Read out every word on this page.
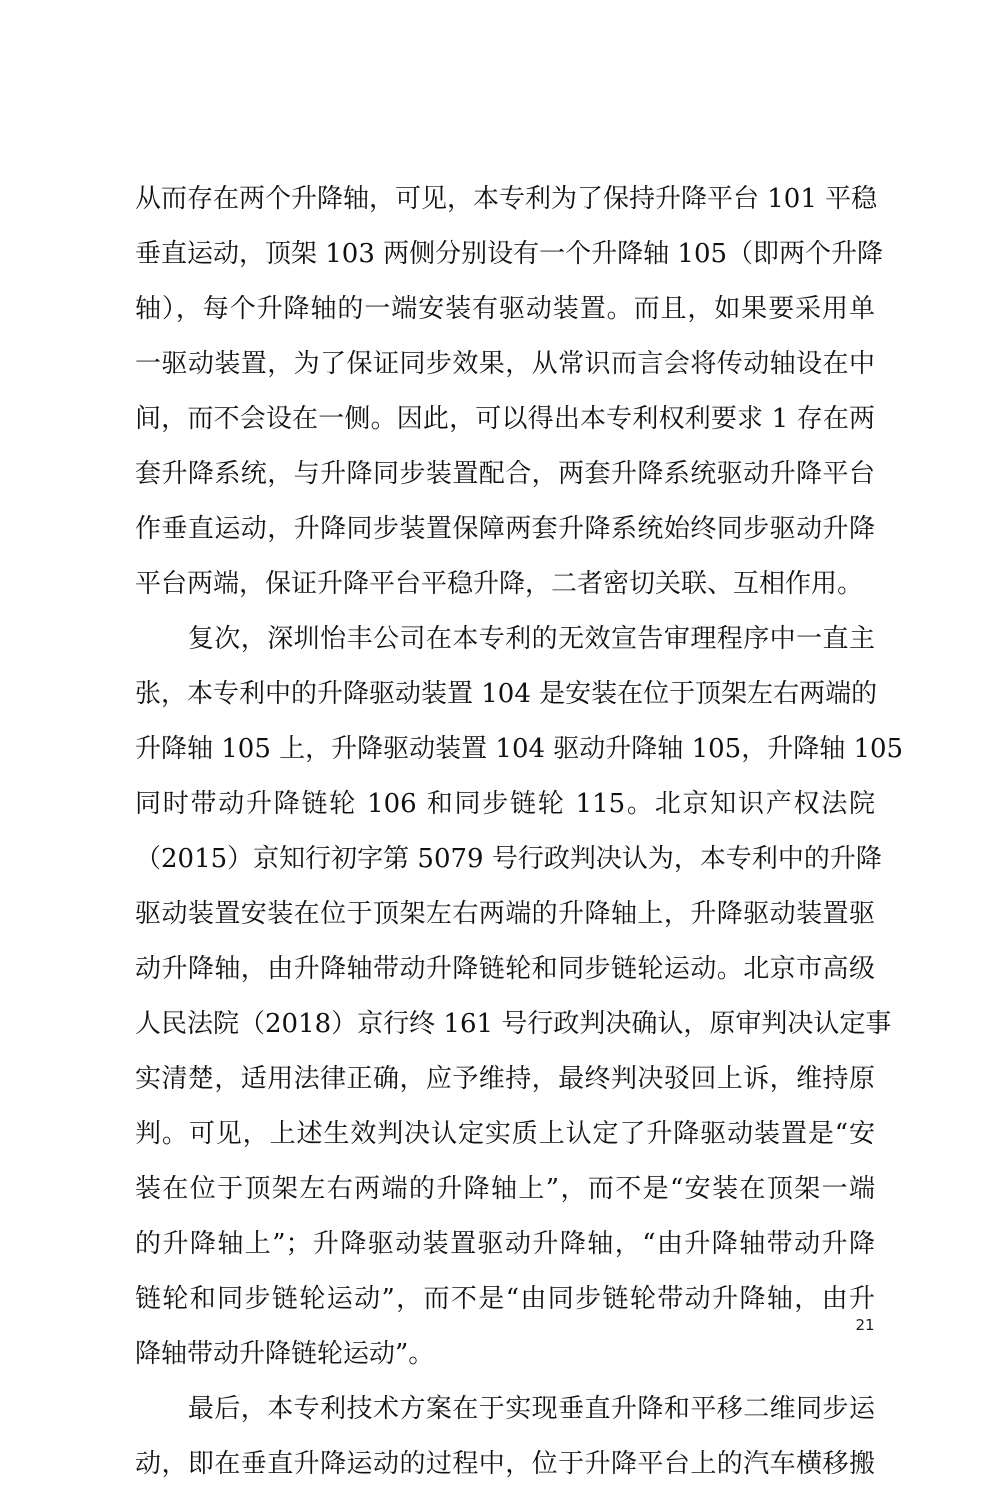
从而存在两个升降轴，可见，本专利为了保持升降平台 101 平稳
垂直运动，顶架 103 两侧分别设有一个升降轴 105（即两个升降
轴），每个升降轴的一端安装有驱动装置。而且，如果要采用单
一驱动装置，为了保证同步效果，从常识而言会将传动轴设在中
间，而不会设在一侧。因此，可以得出本专利权利要求 1 存在两
套升降系统，与升降同步装置配合，两套升降系统驱动升降平台
作垂直运动，升降同步装置保障两套升降系统始终同步驱动升降
平台两端，保证升降平台平稳升降，二者密切关联、互相作用。
　　复次，深圳怡丰公司在本专利的无效宣告审理程序中一直主
张，本专利中的升降驱动装置 104 是安装在位于顶架左右两端的
升降轴 105 上，升降驱动装置 104 驱动升降轴 105，升降轴 105
同时带动升降链轮 106 和同步链轮 115。北京知识产权法院
（2015）京知行初字第 5079 号行政判决认为，本专利中的升降
驱动装置安装在位于顶架左右两端的升降轴上，升降驱动装置驱
动升降轴，由升降轴带动升降链轮和同步链轮运动。北京市高级
人民法院（2018）京行终 161 号行政判决确认，原审判决认定事
实清楚，适用法律正确，应予维持，最终判决驳回上诉，维持原
判。可见，上述生效判决认定实质上认定了升降驱动装置是“安
装在位于顶架左右两端的升降轴上”，而不是“安装在顶架一端
的升降轴上”；升降驱动装置驱动升降轴，“由升降轴带动升降
链轮和同步链轮运动”，而不是“由同步链轮带动升降轴，由升
降轴带动升降链轮运动”。
　　最后，本专利技术方案在于实现垂直升降和平移二维同步运
动，即在垂直升降运动的过程中，位于升降平台上的汽车横移搬
21
